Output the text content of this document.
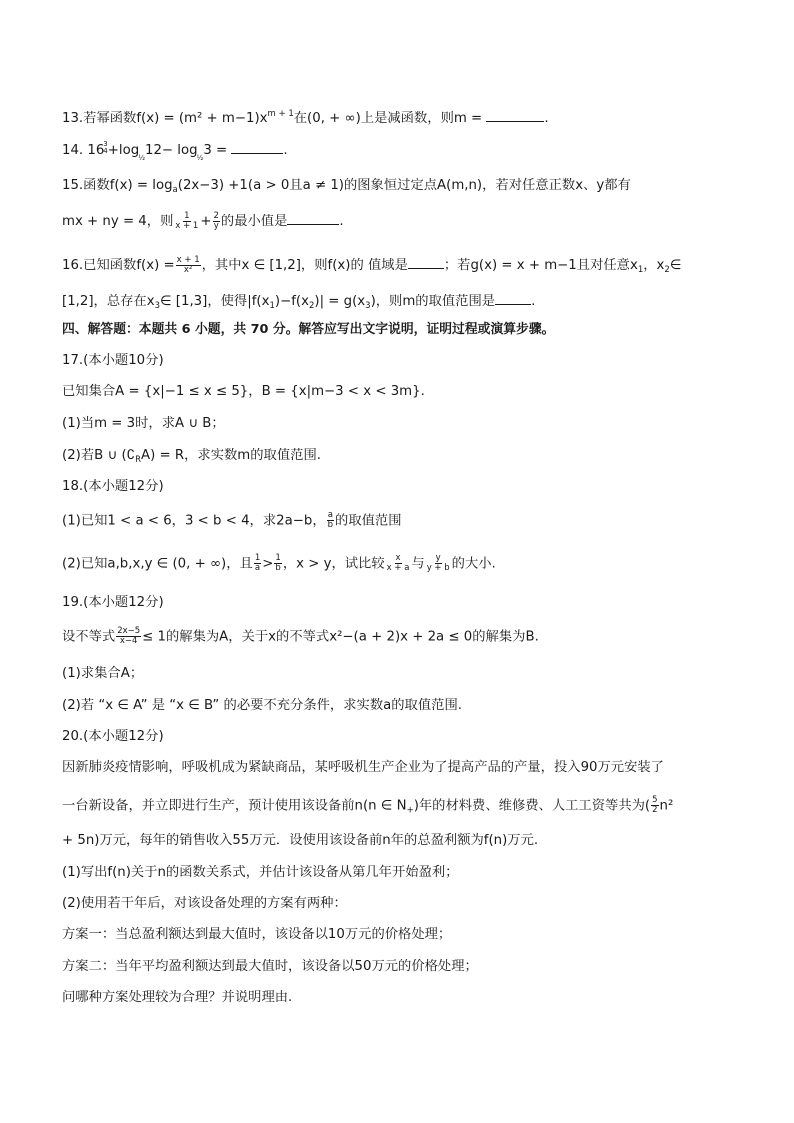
13.若幂函数$f(x) = (m^2 + m-1)x^{m + 1}$在(0, + ∞)上是减函数，则m =	.
14. 16 3
4 +log ½ 12− log ½ 3 =	.
15.函数$f(x) = \log_a(2x-3) +1(a > 0$且a ≠ 1)的图象恒过定点A(m,n)，若对任意正数x、y都有
mx + ny = 4，则 $\frac{1}{x + 1} + \frac{2}{y}$ 的最小值是	.
16.已知函数$f(x) = \frac{x + 1}{\text{x²}}$ ，其中x ∈ [1,2]，则f(x)的 值域是	；若g(x) = x + m−1且对任意$x_1$，$x_2\in$
[1,2]，总存在$x_3\in$ [1,3]，使得$|f(x_1)-f(x_2)| = g(x_3)$，则m的取值范围是	.
四、解答题：本题共 6 小题，共 70 分。解答应写出文字说明，证明过程或演算步骤。
17.(本小题10分)
已知集合A = {x|−1 ≤ x ≤ 5}，B = {x|m−3 < x < 3m}.
(1)当m = 3时，求A ∪ B；
(2)若B ∪ $(∁_RA) = R$，求实数m的取值范围.
18.(本小题12分)
(1)已知1 < a < 6，3 < b < 4，求2a−b， $\frac{a}{b}$ 的取值范围
(2)已知a,b,x,y ∈ (0, + ∞)，且 $\frac{1}{a} > \frac{1}{b}$ ，x > y，试比较 $\frac{x}{x + a}$ 与 $\frac{y}{y + b}$ 的大小.
19.(本小题12分)
设不等式 $\frac{2x-5}{x-4} \le 1$的解集为A，关于x的不等式x²−(a + 2)x + 2a ≤ 0的解集为B.
(1)求集合A；
(2)若 “x ∈ A” 是 “x ∈ B” 的必要不充分条件，求实数a的取值范围.
20.(本小题12分)
因新肺炎疫情影响，呼吸机成为紧缺商品，某呼吸机生产企业为了提高产品的产量，投入90万元安装了
一台新设备，并立即进行生产，预计使用该设备前n(n ∈ $N_+$)年的材料费、维修费、人工工资等共为( $\frac{5}{2} n^2$
+ 5n)万元，每年的销售收入55万元．设使用该设备前n年的总盈利额为f(n)万元.
(1)写出f(n)关于n的函数关系式，并估计该设备从第几年开始盈利；
(2)使用若干年后，对该设备处理的方案有两种：
方案一：当总盈利额达到最大值时，该设备以10万元的价格处理；
方案二：当年平均盈利额达到最大值时，该设备以50万元的价格处理；
问哪种方案处理较为合理？并说明理由.
